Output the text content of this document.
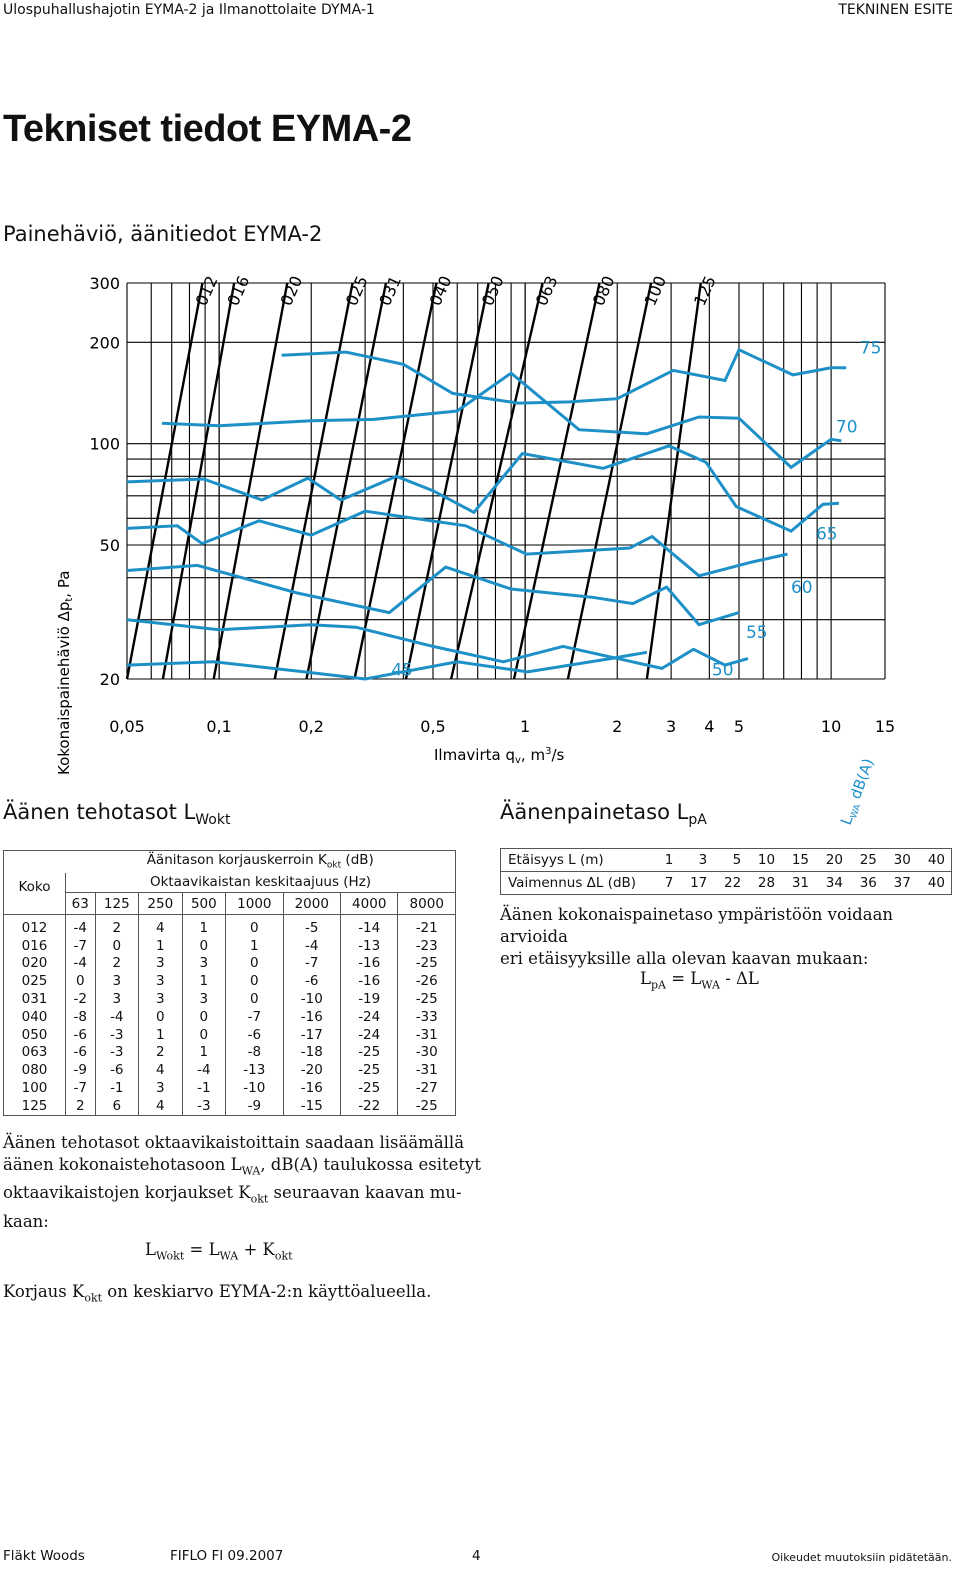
Ulospuhallushajotin EYMA-2 ja Ilmanottolaite DYMA-1	TEKNINEN ESITE
Tekniset tiedot EYMA-2
Painehäviö, äänitiedot EYMA-2
012 016 020 025 031 040 050 063 080 100 125
0,05	0,1	0,2	0,5	1	2	3 4 5	10 15
20
50
100
200
300
45	50
55
60
65
70
75
Kokonaispainehäviö $\Delta p_t$, Pa
Ilmavirta $q_v$, $m^3/s$
$L_{WA}$ dB(A)
Äänen tehotasot $L_{Wokt}$	Äänenpainetaso $L_{pA}$
Koko	Äänitason korjauskerroin $K_{okt}$ (dB)							
	Oktaavikaistan keskitaajuus (Hz)							
	63	125	250	500	1000	2000	4000	8000
012	-4	2	4	1	0	-5	-14	-21
016	-7	0	1	0	1	-4	-13	-23
020	-4	2	3	3	0	-7	-16	-25
025	0	3	3	1	0	-6	-16	-26
031	-2	3	3	3	0	-10	-19	-25
040	-8	-4	0	0	-7	-16	-24	-33
050	-6	-3	1	0	-6	-17	-24	-31
063	-6	-3	2	1	-8	-18	-25	-30
080	-9	-6	4	-4	-13	-20	-25	-31
100	-7	-1	3	-1	-10	-16	-25	-27
125	2	6	4	-3	-9	-15	-22	-25
Etäisyys L (m)	1	3	5	10	15	20	25	30	40
Vaimennus ΔL (dB)	7	17	22	28	31	34	36	37	40
Äänen kokonaispainetaso ympäristöön voidaan arvioida
eri etäisyyksille alla olevan kaavan mukaan:
$L_{pA} = L_{WA} - \Delta L$
Äänen tehotasot oktaavikaistoittain saadaan lisäämällä
äänen kokonaistehotasoon $L_{WA}$, dB(A) taulukossa esitetyt
oktaavikaistojen korjaukset $K_{okt}$ seuraavan kaavan mu-
kaan:
$L_{Wokt} = L_{WA} + K_{okt}$
Korjaus $K_{okt}$ on keskiarvo EYMA-2:n käyttöalueella.
Fläkt Woods	FIFLO FI 09.2007	4	Oikeudet muutoksiin pidätetään.
